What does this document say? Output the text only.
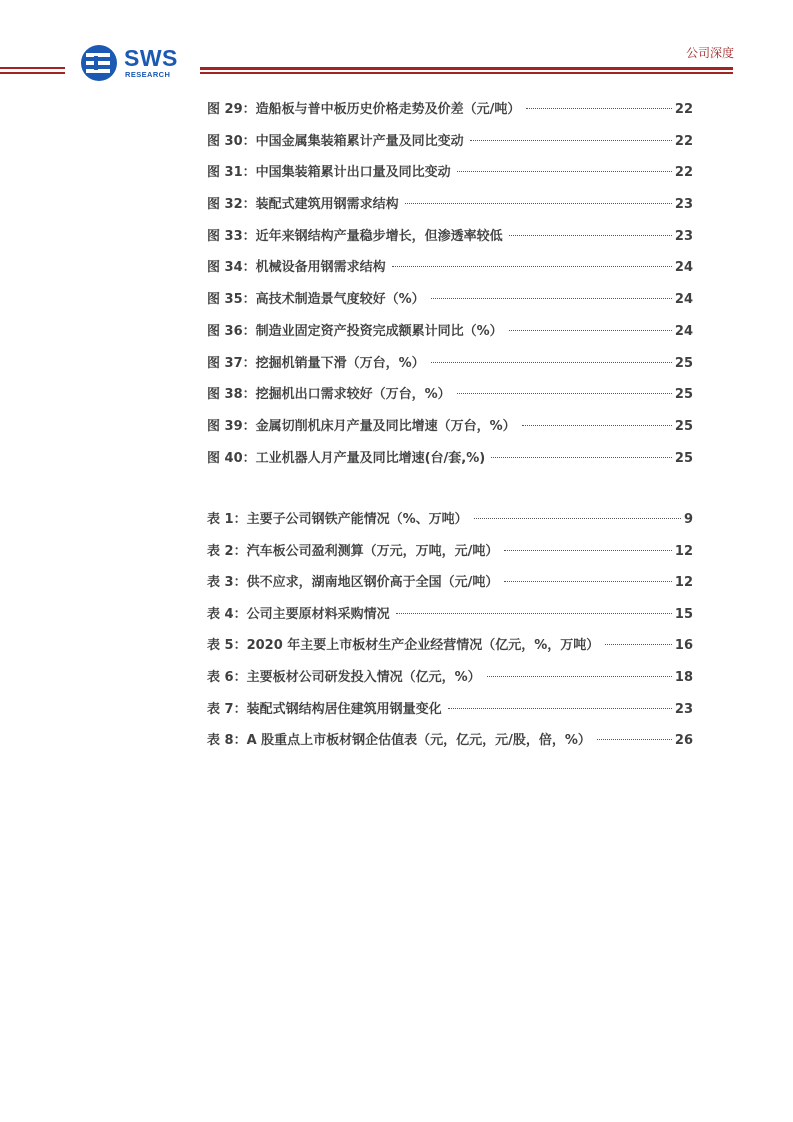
SWS
RESEARCH
公司深度
图 29：造船板与普中板历史价格走势及价差（元/吨）	22
图 30：中国金属集装箱累计产量及同比变动	22
图 31：中国集装箱累计出口量及同比变动	22
图 32：装配式建筑用钢需求结构	23
图 33：近年来钢结构产量稳步增长，但渗透率较低	23
图 34：机械设备用钢需求结构	24
图 35：高技术制造景气度较好（%）	24
图 36：制造业固定资产投资完成额累计同比（%）	24
图 37：挖掘机销量下滑（万台，%）	25
图 38：挖掘机出口需求较好（万台，%）	25
图 39：金属切削机床月产量及同比增速（万台，%）	25
图 40：工业机器人月产量及同比增速(台/套,%)	25
表 1：主要子公司钢铁产能情况（%、万吨）	9
表 2：汽车板公司盈利测算（万元，万吨，元/吨）	12
表 3：供不应求，湖南地区钢价高于全国（元/吨）	12
表 4：公司主要原材料采购情况	15
表 5：2020 年主要上市板材生产企业经营情况（亿元，%，万吨）	16
表 6：主要板材公司研发投入情况（亿元，%）	18
表 7：装配式钢结构居住建筑用钢量变化	23
表 8：A 股重点上市板材钢企估值表（元，亿元，元/股，倍，%）	26
